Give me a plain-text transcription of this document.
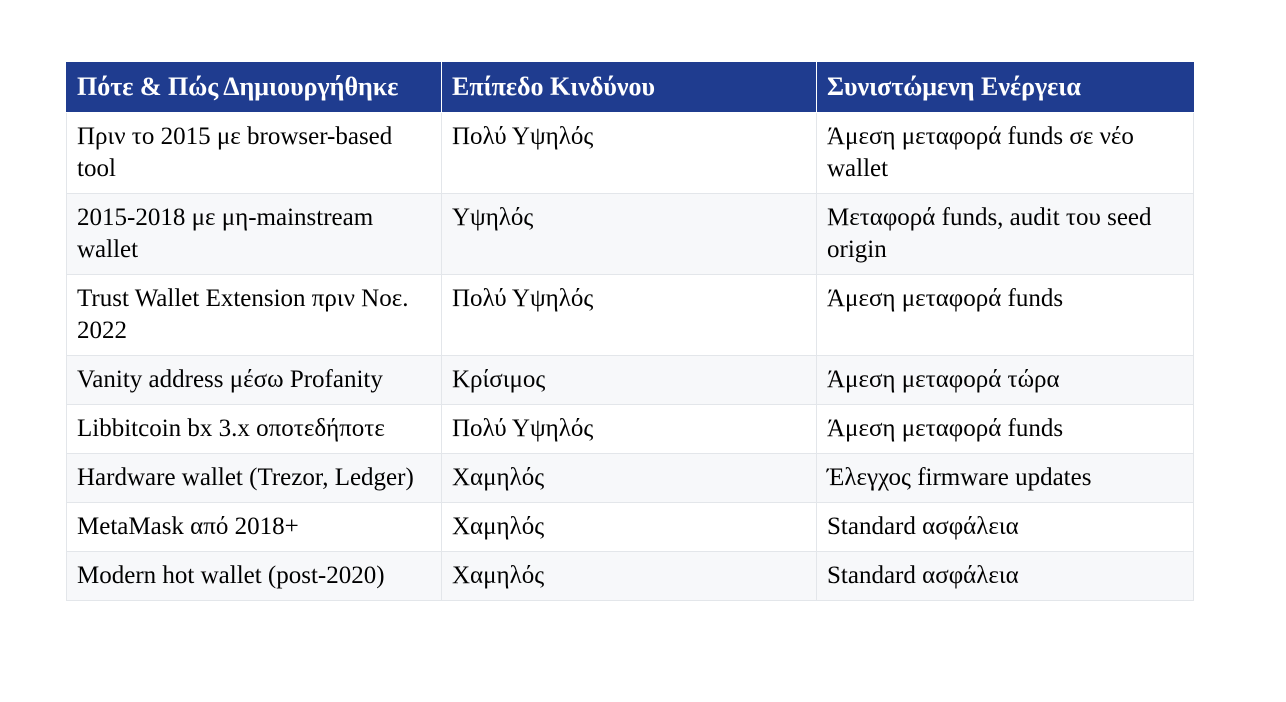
Πότε & Πώς Δημιουργήθηκε	Επίπεδο Κινδύνου	Συνιστώμενη Ενέργεια
Πριν το 2015 με browser-based tool	Πολύ Υψηλός	Άμεση μεταφορά funds σε νέο wallet
2015-2018 με μη-mainstream wallet	Υψηλός	Μεταφορά funds, audit του seed origin
Trust Wallet Extension πριν Νοε. 2022	Πολύ Υψηλός	Άμεση μεταφορά funds
Vanity address μέσω Profanity	Κρίσιμος	Άμεση μεταφορά τώρα
Libbitcoin bx 3.x οποτεδήποτε	Πολύ Υψηλός	Άμεση μεταφορά funds
Hardware wallet (Trezor, Ledger)	Χαμηλός	Έλεγχος firmware updates
MetaMask από 2018+	Χαμηλός	Standard ασφάλεια
Modern hot wallet (post-2020)	Χαμηλός	Standard ασφάλεια
